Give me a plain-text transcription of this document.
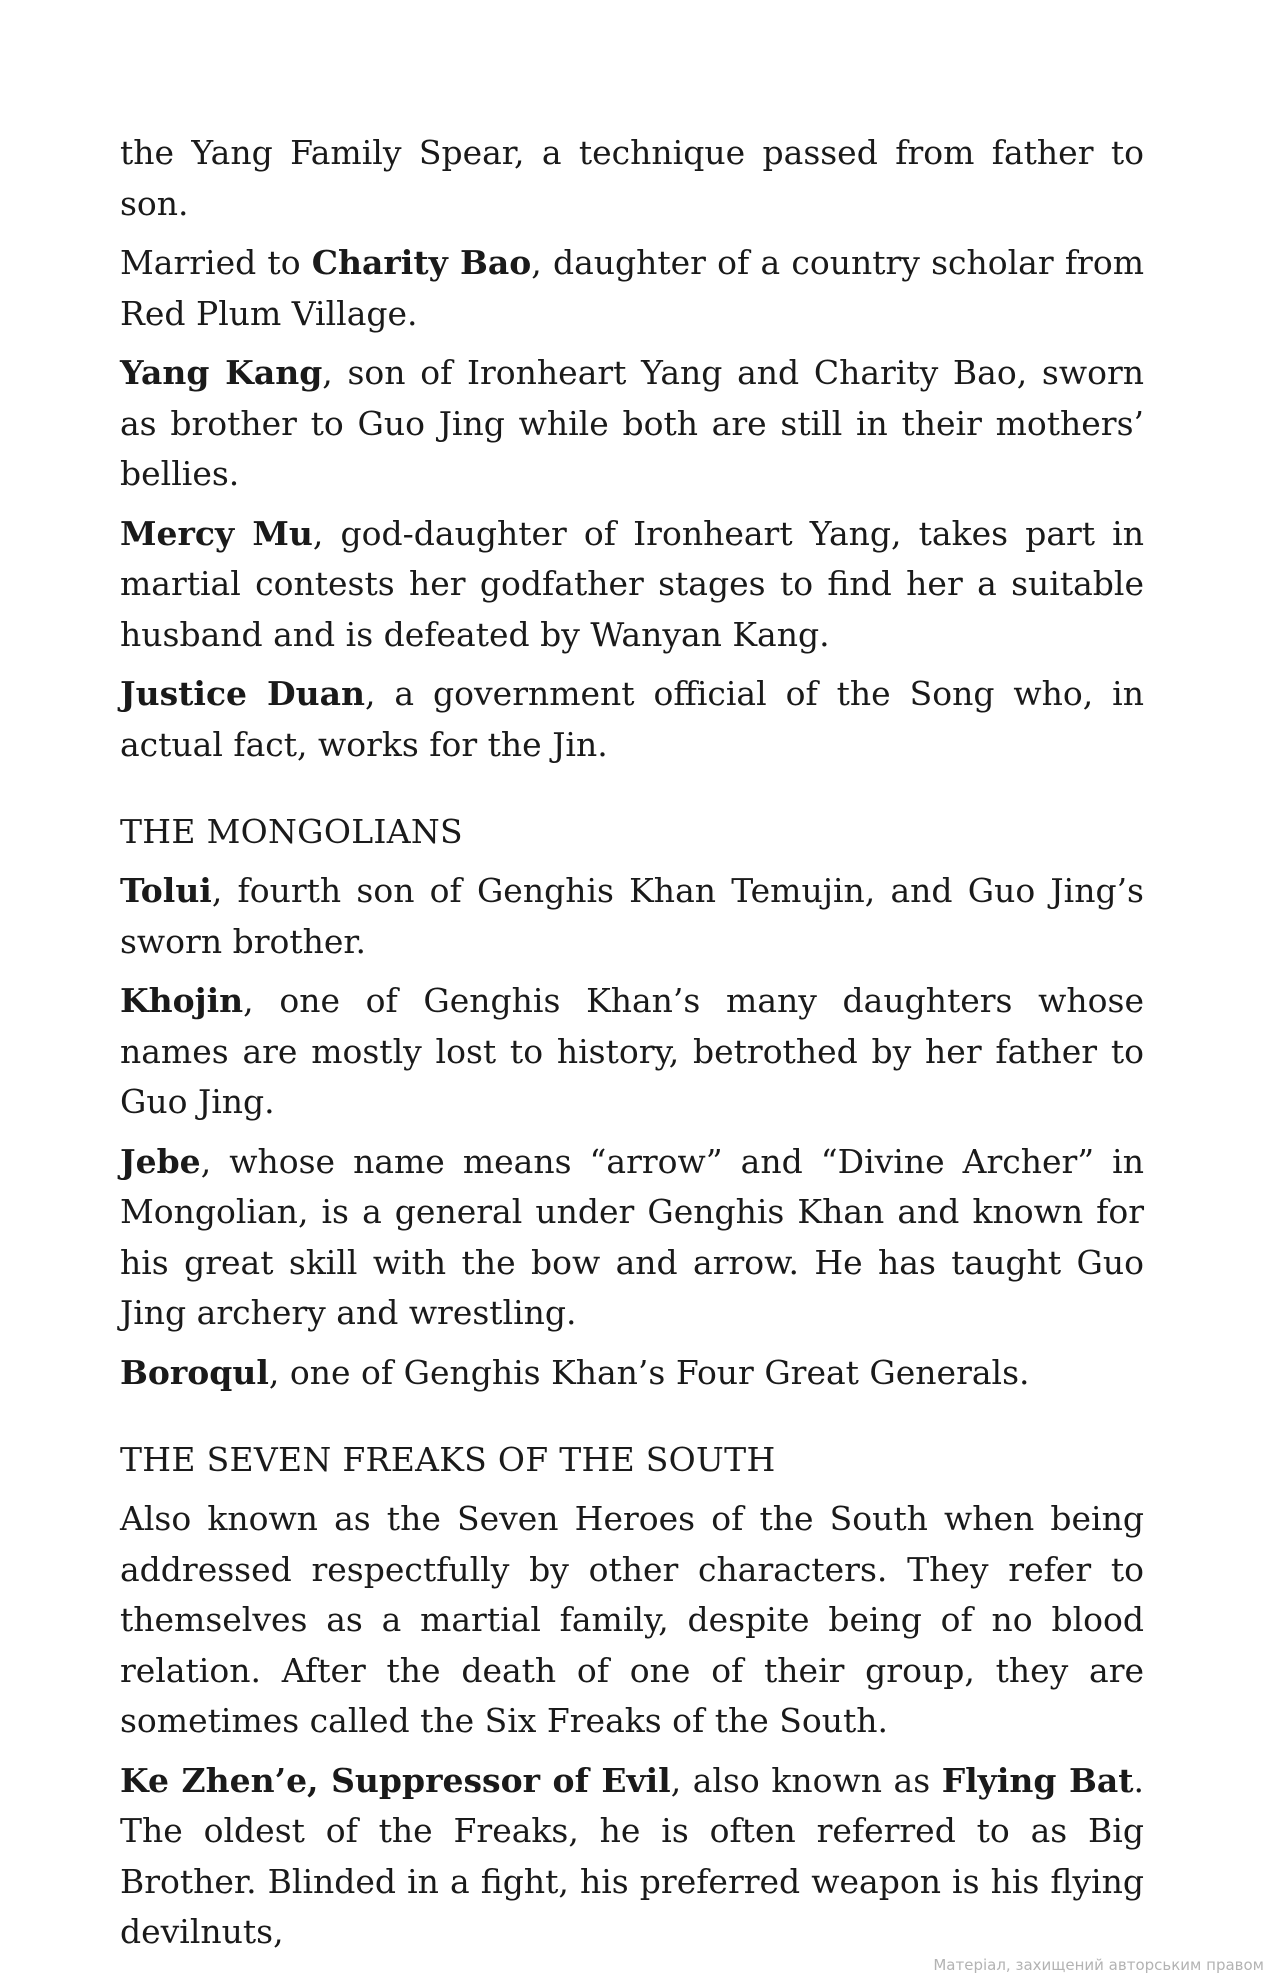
the Yang Family Spear, a technique passed from father to son.

Married to Charity Bao, daughter of a country scholar from Red Plum Village.

Yang Kang, son of Ironheart Yang and Charity Bao, sworn as brother to Guo Jing while both are still in their mothers’ bellies.

Mercy Mu, god-daughter of Ironheart Yang, takes part in martial contests her godfather stages to find her a suitable husband and is defeated by Wanyan Kang.

Justice Duan, a government official of the Song who, in actual fact, works for the Jin.

THE MONGOLIANS

Tolui, fourth son of Genghis Khan Temujin, and Guo Jing’s sworn brother.

Khojin, one of Genghis Khan’s many daughters whose names are mostly lost to history, betrothed by her father to Guo Jing.

Jebe, whose name means “arrow” and “Divine Archer” in Mongolian, is a general under Genghis Khan and known for his great skill with the bow and arrow. He has taught Guo Jing archery and wrestling.

Boroqul, one of Genghis Khan’s Four Great Generals.

THE SEVEN FREAKS OF THE SOUTH

Also known as the Seven Heroes of the South when being addressed respectfully by other characters. They refer to themselves as a martial family, despite being of no blood relation. After the death of one of their group, they are sometimes called the Six Freaks of the South.

Ke Zhen’e, Suppressor of Evil, also known as Flying Bat. The oldest of the Freaks, he is often referred to as Big Brother. Blinded in a fight, his preferred weapon is his flying devilnuts,

Матеріал, захищений авторським правом
